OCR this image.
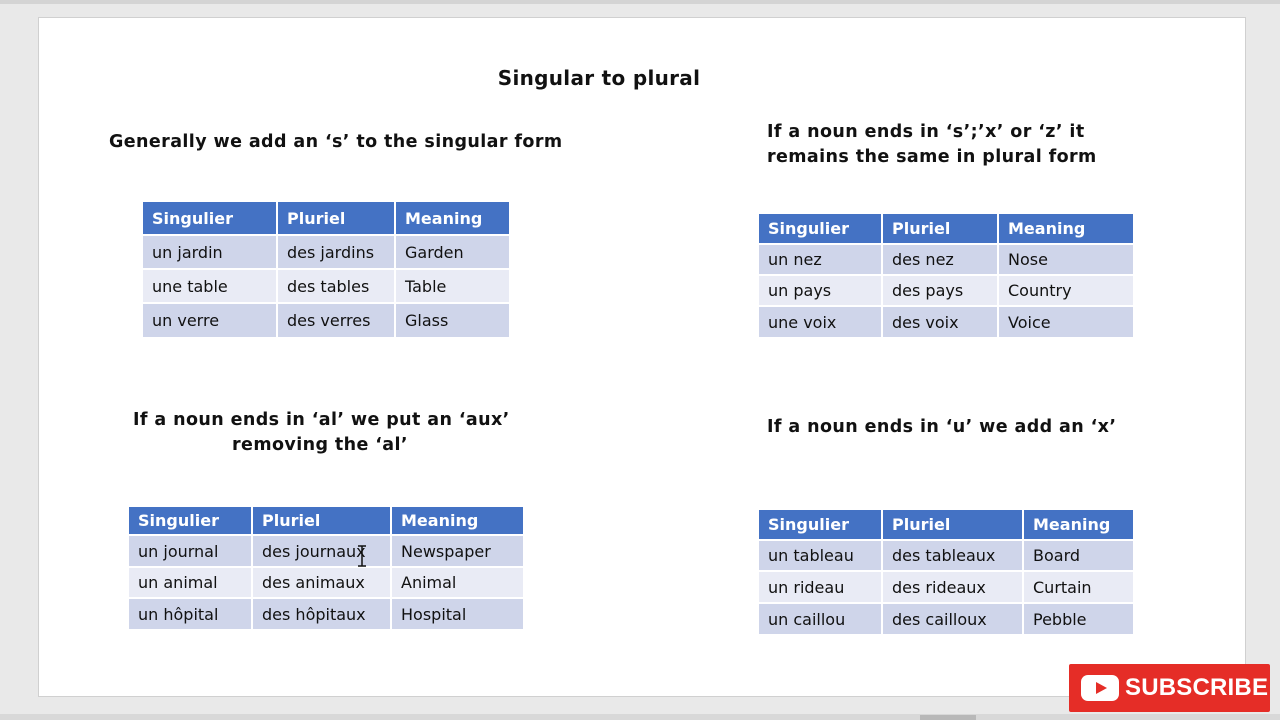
Singular to plural
Generally we add an ‘s’ to the singular form
Singulier	Pluriel	Meaning
un jardin	des jardins	Garden
une table	des tables	Table
un verre	des verres	Glass
If a noun ends in ‘s’;’x’ or ‘z’ it
remains the same in plural form
Singulier	Pluriel	Meaning
un nez	des nez	Nose
un pays	des pays	Country
une voix	des voix	Voice
If a noun ends in ‘al’ we put an ‘aux’
removing the ‘al’
Singulier	Pluriel	Meaning
un journal	des journaux	Newspaper
un animal	des animaux	Animal
un hôpital	des hôpitaux	Hospital
If a noun ends in ‘u’ we add an ‘x’
Singulier	Pluriel	Meaning
un tableau	des tableaux	Board
un rideau	des rideaux	Curtain
un caillou	des cailloux	Pebble
SUBSCRIBE
